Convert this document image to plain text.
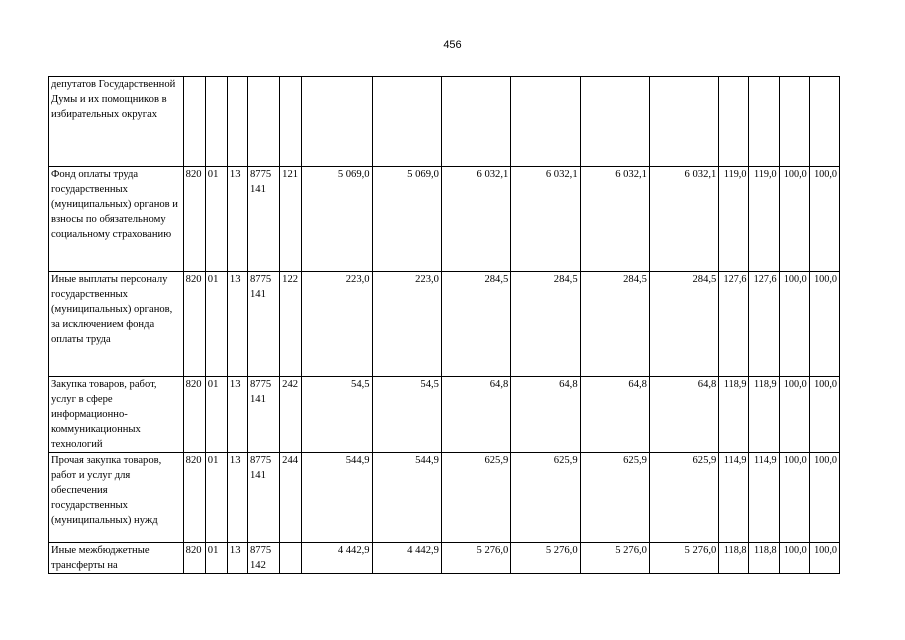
456
депутатов Государственной Думы и их помощников в избирательных округах															
Фонд оплаты труда государственных (муниципальных) органов и взносы по обязательному социальному страхованию	820	01	13	8775 141	121	5 069,0	5 069,0	6 032,1	6 032,1	6 032,1	6 032,1	119,0	119,0	100,0	100,0
Иные выплаты персоналу государственных (муниципальных) органов, за исключением фонда оплаты труда	820	01	13	8775 141	122	223,0	223,0	284,5	284,5	284,5	284,5	127,6	127,6	100,0	100,0
Закупка товаров, работ, услуг в сфере информационно-коммуникационных технологий	820	01	13	8775 141	242	54,5	54,5	64,8	64,8	64,8	64,8	118,9	118,9	100,0	100,0
Прочая закупка товаров, работ и услуг для обеспечения государственных (муниципальных) нужд	820	01	13	8775 141	244	544,9	544,9	625,9	625,9	625,9	625,9	114,9	114,9	100,0	100,0
Иные межбюджетные трансферты на	820	01	13	8775 142		4 442,9	4 442,9	5 276,0	5 276,0	5 276,0	5 276,0	118,8	118,8	100,0	100,0
